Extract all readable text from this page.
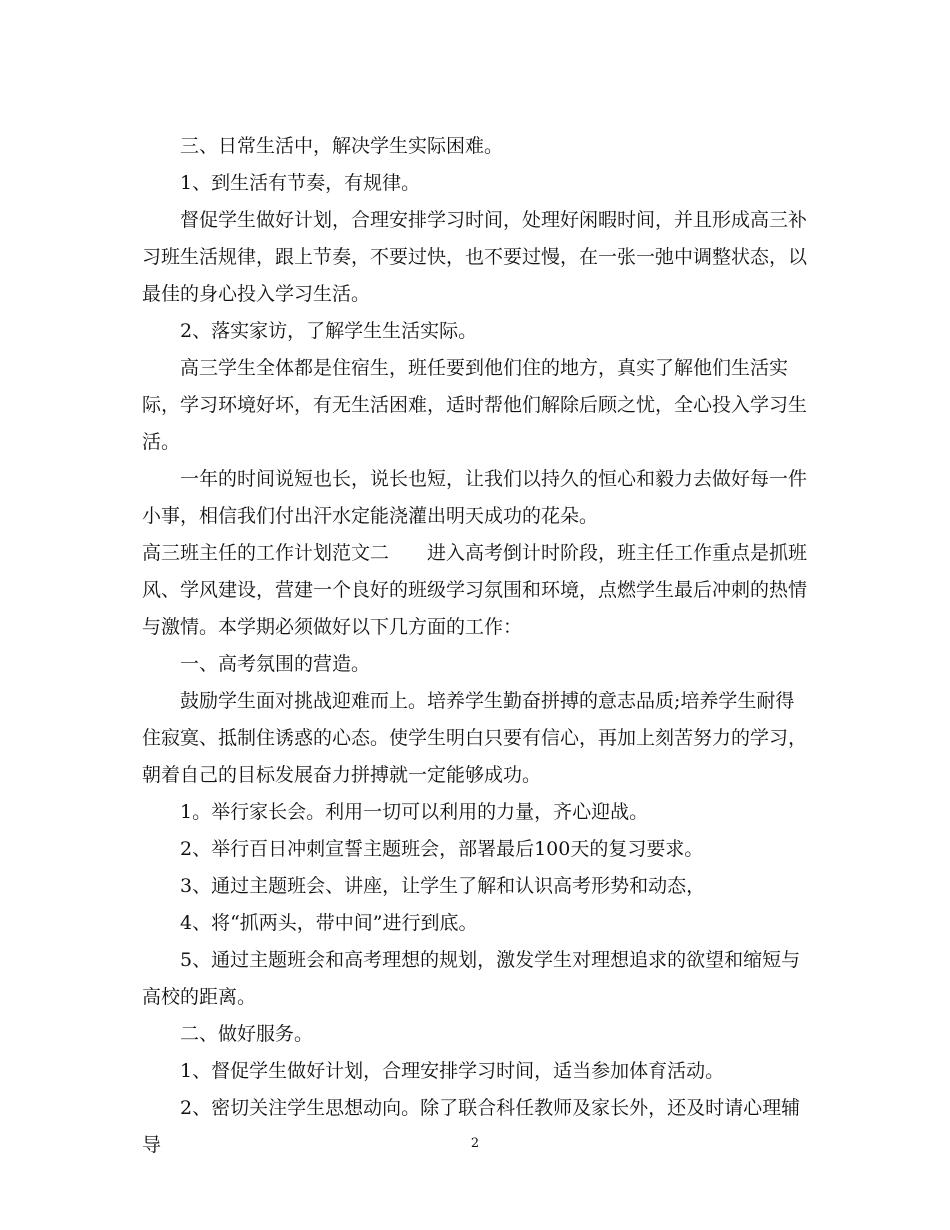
三、日常生活中，解决学生实际困难。

1、到生活有节奏，有规律。

督促学生做好计划，合理安排学习时间，处理好闲暇时间，并且形成高三补习班生活规律，跟上节奏，不要过快，也不要过慢，在一张一弛中调整状态，以最佳的身心投入学习生活。

2、落实家访，了解学生生活实际。

高三学生全体都是住宿生，班任要到他们住的地方，真实了解他们生活实际，学习环境好坏，有无生活困难，适时帮他们解除后顾之忧，全心投入学习生活。

一年的时间说短也长，说长也短，让我们以持久的恒心和毅力去做好每一件小事，相信我们付出汗水定能浇灌出明天成功的花朵。

高三班主任的工作计划范文二　　进入高考倒计时阶段，班主任工作重点是抓班风、学风建设，营建一个良好的班级学习氛围和环境，点燃学生最后冲刺的热情与激情。本学期必须做好以下几方面的工作：

一、高考氛围的营造。

鼓励学生面对挑战迎难而上。培养学生勤奋拼搏的意志品质;培养学生耐得住寂寞、抵制住诱惑的心态。使学生明白只要有信心，再加上刻苦努力的学习，朝着自己的目标发展奋力拼搏就一定能够成功。

1。举行家长会。利用一切可以利用的力量，齐心迎战。

2、举行百日冲刺宣誓主题班会，部署最后100天的复习要求。

3、通过主题班会、讲座，让学生了解和认识高考形势和动态，

4、将“抓两头，带中间”进行到底。

5、通过主题班会和高考理想的规划，激发学生对理想追求的欲望和缩短与高校的距离。

二、做好服务。

1、督促学生做好计划，合理安排学习时间，适当参加体育活动。

2、密切关注学生思想动向。除了联合科任教师及家长外，还及时请心理辅导	2
